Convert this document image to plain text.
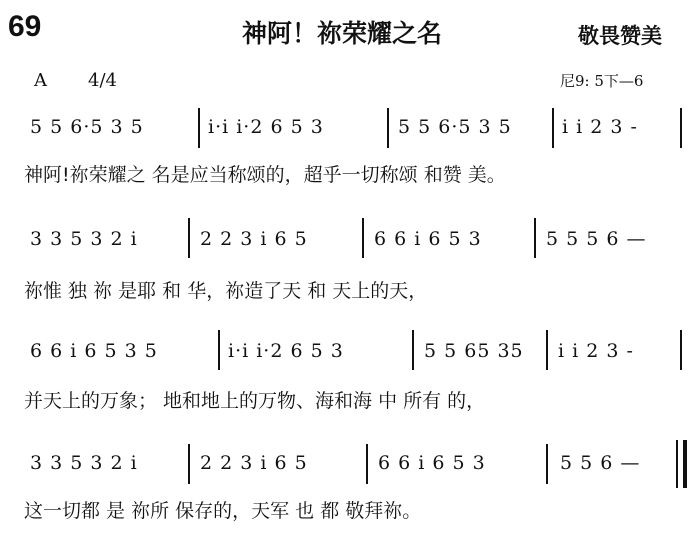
69	神阿！祢荣耀之名	敬畏赞美
A 4/4	尼9: 5下—6
5 5 6·5 3 5	i·i i·2 6 5 3	5 5 6·5 3 5	i i 2 3 -
神阿!祢荣耀之 名是应当称颂的，超乎一切称颂 和赞 美。
3 3 5 3 2 i	2 2 3 i 6 5	6 6 i 6 5 3	5 5 5 6 —
祢惟 独 祢 是耶 和 华，祢造了天 和 天上的天，
6 6 i 6 5 3 5	i·i i·2 6 5 3	5 5 65 35 i i 2 3 -
并天上的万象； 地和地上的万物、海和海 中 所有 的，
3 3 5 3 2 i	2 2 3 i 6 5	6 6 i 6 5 3	5 5 6 —
这一切都 是 祢所 保存的，天军 也 都 敬拜祢。
